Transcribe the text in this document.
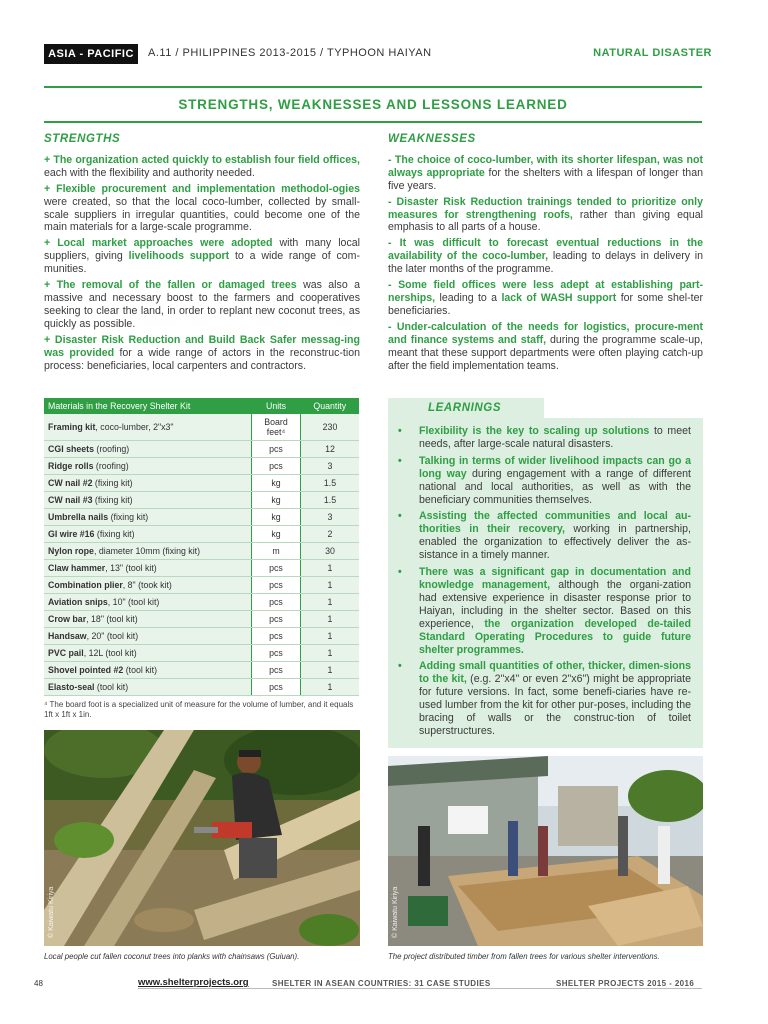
ASIA - PACIFIC	A.11 / PHILIPPINES 2013-2015 / TYPHOON HAIYAN	NATURAL DISASTER
STRENGTHS, WEAKNESSES AND LESSONS LEARNED
STRENGTHS

+ The organization acted quickly to establish four field offices, each with the flexibility and authority needed.

+ Flexible procurement and implementation methodol-ogies were created, so that the local coco-lumber, collected by small-scale suppliers in irregular quantities, could become one of the main materials for a large-scale programme.

+ Local market approaches were adopted with many local suppliers, giving livelihoods support to a wide range of com-munities.

+ The removal of the fallen or damaged trees was also a massive and necessary boost to the farmers and cooperatives seeking to clear the land, in order to replant new coconut trees, as quickly as possible.

+ Disaster Risk Reduction and Build Back Safer messag-ing was provided for a wide range of actors in the reconstruc-tion process: beneficiaries, local carpenters and contractors.

WEAKNESSES

- The choice of coco-lumber, with its shorter lifespan, was not always appropriate for the shelters with a lifespan of longer than five years.

- Disaster Risk Reduction trainings tended to prioritize only measures for strengthening roofs, rather than giving equal emphasis to all parts of a house.

- It was difficult to forecast eventual reductions in the availability of the coco-lumber, leading to delays in delivery in the later months of the programme.

- Some field offices were less adept at establishing part-nerships, leading to a lack of WASH support for some shel-ter beneficiaries.

- Under-calculation of the needs for logistics, procure-ment and finance systems and staff, during the programme scale-up, meant that these support departments were often playing catch-up after the field implementation teams.

Materials in the Recovery Shelter Kit	Units	Quantity
Framing kit, coco-lumber, 2"x3"	Board feet⁴	230
CGI sheets (roofing)	pcs	12
Ridge rolls (roofing)	pcs	3
CW nail #2 (fixing kit)	kg	1.5
CW nail #3 (fixing kit)	kg	1.5
Umbrella nails (fixing kit)	kg	3
GI wire #16 (fixing kit)	kg	2
Nylon rope, diameter 10mm (fixing kit)	m	30
Claw hammer, 13" (tool kit)	pcs	1
Combination plier, 8" (took kit)	pcs	1
Aviation snips, 10" (tool kit)	pcs	1
Crow bar, 18" (tool kit)	pcs	1
Handsaw, 20" (tool kit)	pcs	1
PVC pail, 12L (tool kit)	pcs	1
Shovel pointed #2 (tool kit)	pcs	1
Elasto-seal (tool kit)	pcs	1
⁴ The board foot is a specialized unit of measure for the volume of lumber, and it equals 1ft x 1ft x 1in.
LEARNINGS
• Flexibility is the key to scaling up solutions to meet needs, after large-scale natural disasters.
• Talking in terms of wider livelihood impacts can go a long way during engagement with a range of different national and local authorities, as well as with the beneficiary communities themselves.
• Assisting the affected communities and local au-thorities in their recovery, working in partnership, enabled the organization to effectively deliver the as-sistance in a timely manner.
• There was a significant gap in documentation and knowledge management, although the organi-zation had extensive experience in disaster response prior to Haiyan, including in the shelter sector. Based on this experience, the organization developed de-tailed Standard Operating Procedures to guide future shelter programmes.
• Adding small quantities of other, thicker, dimen-sions to the kit, (e.g. 2"x4" or even 2"x6") might be appropriate for future versions. In fact, some benefi-ciaries have re-used lumber from the kit for other pur-poses, including the bracing of walls or the construc-tion of toilet superstructures.
© Kaiwatu Kiriya
Local people cut fallen coconut trees into planks with chainsaws (Guiuan).
© Kaiwatu Kiriya
The project distributed timber from fallen trees for various shelter interventions.
48	www.shelterprojects.org	SHELTER IN ASEAN COUNTRIES: 31 CASE STUDIES	SHELTER PROJECTS 2015 - 2016
